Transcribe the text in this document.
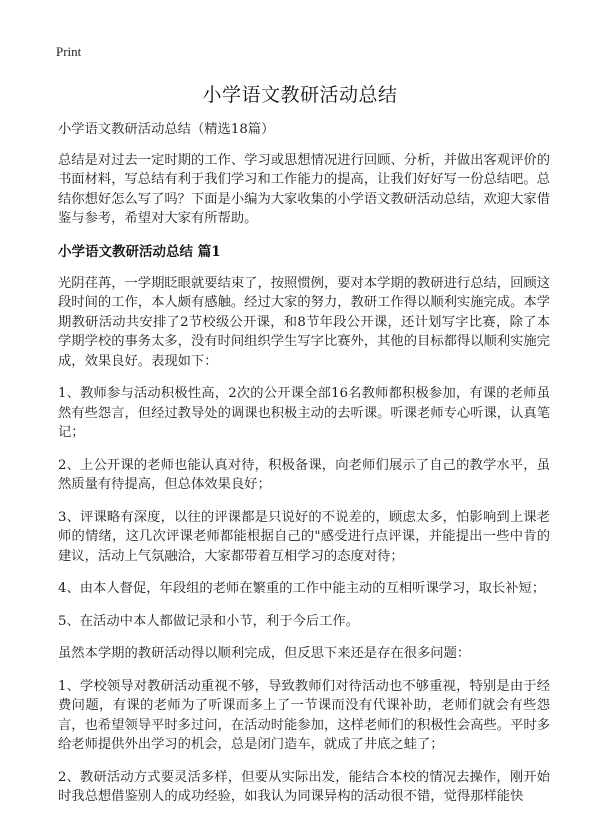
Print
小学语文教研活动总结

小学语文教研活动总结（精选18篇）

总结是对过去一定时期的工作、学习或思想情况进行回顾、分析，并做出客观评价的书面材料，写总结有利于我们学习和工作能力的提高，让我们好好写一份总结吧。总结你想好怎么写了吗？下面是小编为大家收集的小学语文教研活动总结，欢迎大家借鉴与参考，希望对大家有所帮助。

小学语文教研活动总结 篇1

光阴荏苒，一学期眨眼就要结束了，按照惯例，要对本学期的教研进行总结，回顾这段时间的工作，本人颇有感触。经过大家的努力，教研工作得以顺利实施完成。本学期教研活动共安排了2节校级公开课，和8节年段公开课，还计划写字比赛，除了本学期学校的事务太多，没有时间组织学生写字比赛外，其他的目标都得以顺利实施完成，效果良好。表现如下：

1、教师参与活动积极性高，2次的公开课全部16名教师都积极参加，有课的老师虽然有些怨言，但经过教导处的调课也积极主动的去听课。听课老师专心听课，认真笔记；

2、上公开课的老师也能认真对待，积极备课，向老师们展示了自己的教学水平，虽然质量有待提高，但总体效果良好；

3、评课略有深度，以往的评课都是只说好的不说差的，顾虑太多，怕影响到上课老师的情绪，这几次评课老师都能根据自己的"感受进行点评课，并能提出一些中肯的建议，活动上气氛融洽，大家都带着互相学习的态度对待；

4、由本人督促，年段组的老师在繁重的工作中能主动的互相听课学习，取长补短；

5、在活动中本人都做记录和小节，利于今后工作。

虽然本学期的教研活动得以顺利完成，但反思下来还是存在很多问题：

1、学校领导对教研活动重视不够，导致教师们对待活动也不够重视，特别是由于经费问题，有课的老师为了听课而多上了一节课而没有代课补助，老师们就会有些怨言，也希望领导平时多过问，在活动时能参加，这样老师们的积极性会高些。平时多给老师提供外出学习的机会，总是闭门造车，就成了井底之蛙了；

2、教研活动方式要灵活多样，但要从实际出发，能结合本校的情况去操作，刚开始时我总想借鉴别人的成功经验，如我认为同课异构的活动很不错，觉得那样能快
